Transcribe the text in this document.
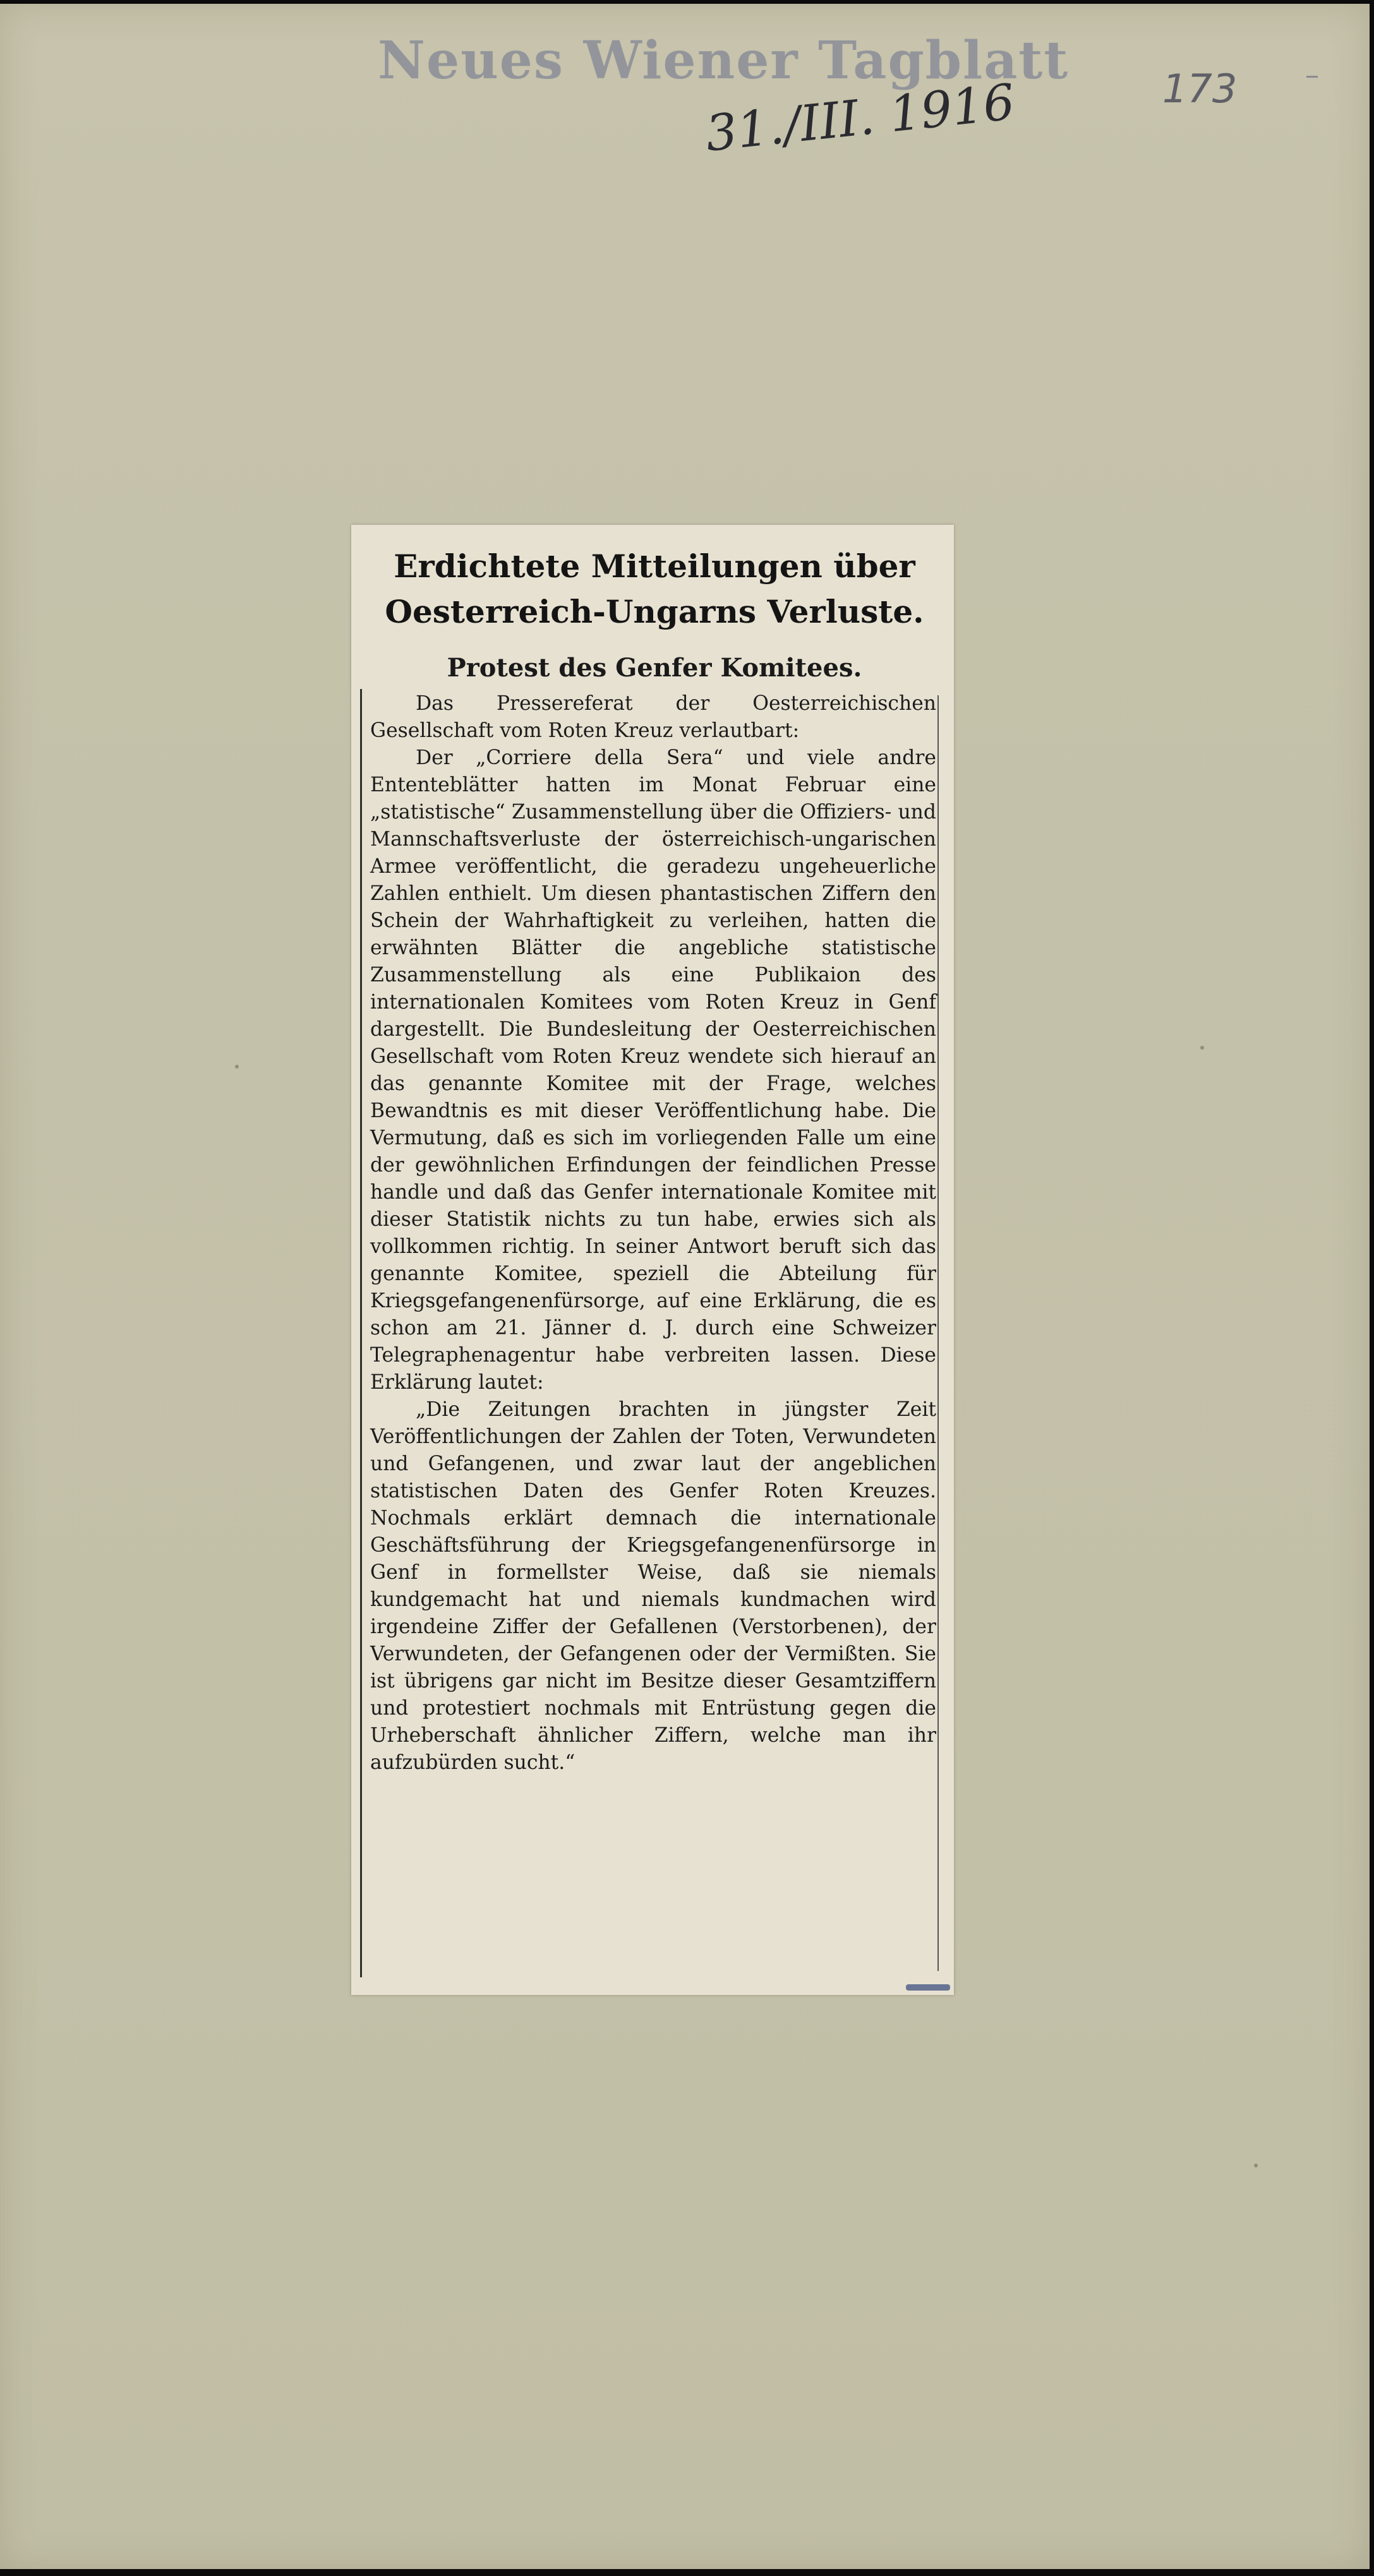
Neues Wiener Tagblatt
31./III. 1916	173
Erdichtete Mitteilungen über Oesterreich-Ungarns Verluste.
Protest des Genfer Komitees.

Das Pressereferat der Oesterreichischen Gesellschaft vom Roten Kreuz verlautbart:

Der „Corriere della Sera“ und viele andre Ententeblätter hatten im Monat Februar eine „statistische“ Zusammenstellung über die Offiziers- und Mannschaftsverluste der österreichisch-ungarischen Armee veröffentlicht, die geradezu ungeheuerliche Zahlen enthielt. Um diesen phantastischen Ziffern den Schein der Wahrhaftigkeit zu verleihen, hatten die erwähnten Blätter die angebliche statistische Zusammenstellung als eine Publikaion des internationalen Komitees vom Roten Kreuz in Genf dargestellt. Die Bundesleitung der Oesterreichischen Gesellschaft vom Roten Kreuz wendete sich hierauf an das genannte Komitee mit der Frage, welches Bewandtnis es mit dieser Veröffentlichung habe. Die Vermutung, daß es sich im vorliegenden Falle um eine der gewöhnlichen Erfindungen der feindlichen Presse handle und daß das Genfer internationale Komitee mit dieser Statistik nichts zu tun habe, erwies sich als vollkommen richtig. In seiner Antwort beruft sich das genannte Komitee, speziell die Abteilung für Kriegsgefangenenfürsorge, auf eine Erklärung, die es schon am 21. Jänner d. J. durch eine Schweizer Telegraphenagentur habe verbreiten lassen. Diese Erklärung lautet:

„Die Zeitungen brachten in jüngster Zeit Veröffentlichungen der Zahlen der Toten, Verwundeten und Gefangenen, und zwar laut der angeblichen statistischen Daten des Genfer Roten Kreuzes. Nochmals erklärt demnach die internationale Geschäftsführung der Kriegsgefangenenfürsorge in Genf in formellster Weise, daß sie niemals kundgemacht hat und niemals kundmachen wird irgendeine Ziffer der Gefallenen (Verstorbenen), der Verwundeten, der Gefangenen oder der Vermißten. Sie ist übrigens gar nicht im Besitze dieser Gesamtziffern und protestiert nochmals mit Entrüstung gegen die Urheberschaft ähnlicher Ziffern, welche man ihr aufzubürden sucht.“
